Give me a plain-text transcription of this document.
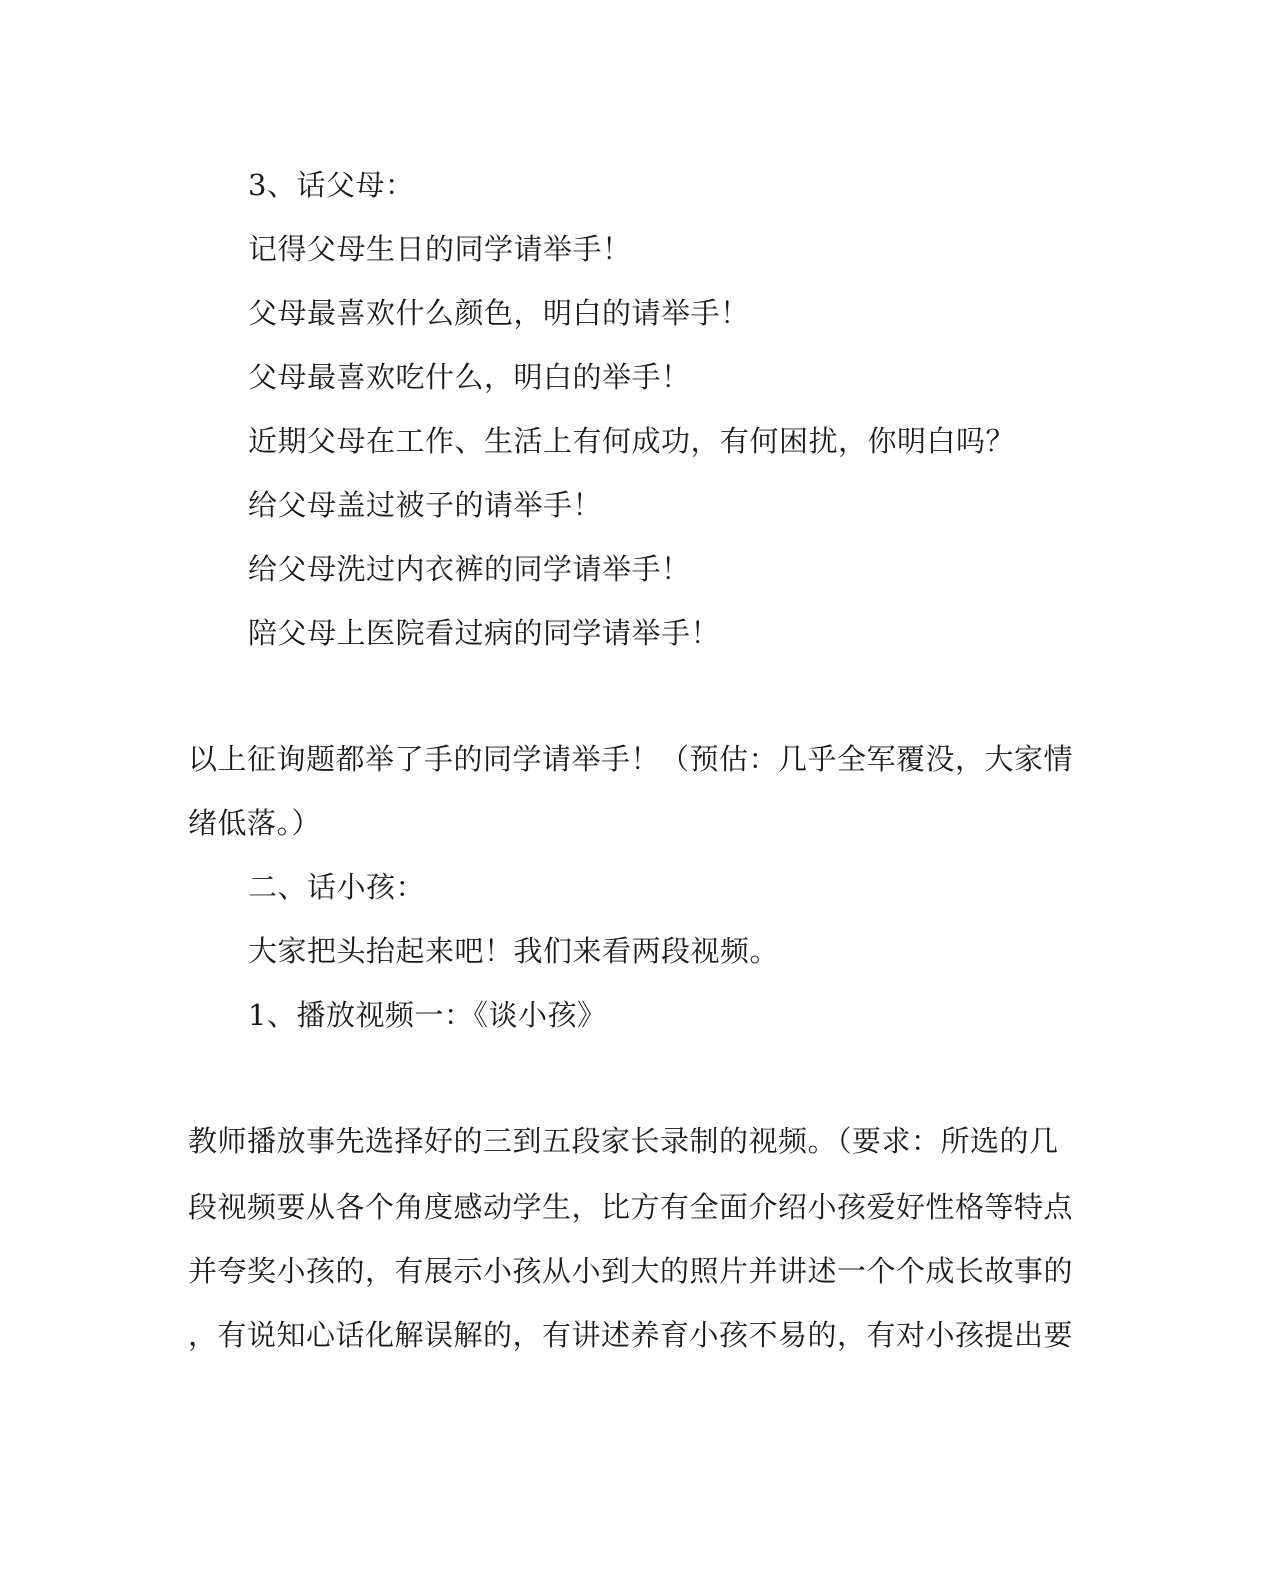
3、话父母：

记得父母生日的同学请举手！

父母最喜欢什么颜色，明白的请举手！

父母最喜欢吃什么，明白的举手！

近期父母在工作、生活上有何成功，有何困扰，你明白吗？

给父母盖过被子的请举手！

给父母洗过内衣裤的同学请举手！

陪父母上医院看过病的同学请举手！

以上征询题都举了手的同学请举手！（预估：几乎全军覆没，大家情

绪低落。）

二、话小孩：

大家把头抬起来吧！我们来看两段视频。

1、播放视频一：《谈小孩》

教师播放事先选择好的三到五段家长录制的视频。（要求：所选的几

段视频要从各个角度感动学生，比方有全面介绍小孩爱好性格等特点

并夸奖小孩的，有展示小孩从小到大的照片并讲述一个个成长故事的

，有说知心话化解误解的，有讲述养育小孩不易的，有对小孩提出要
